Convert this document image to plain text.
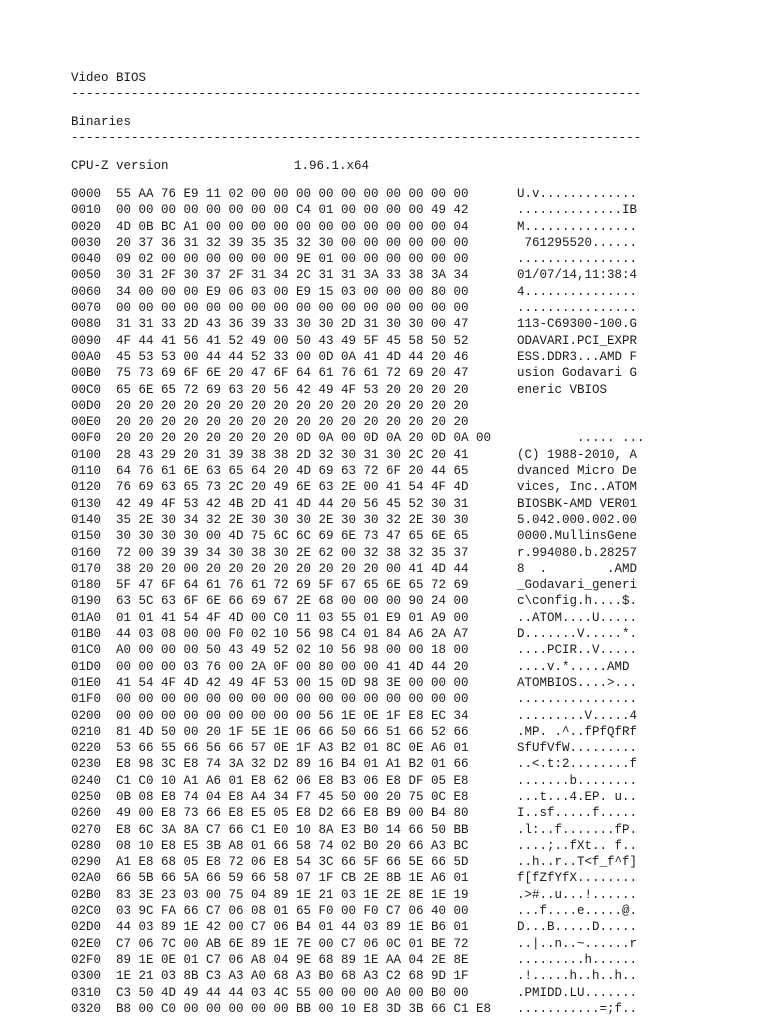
Video BIOS
----------------------------------------------------------------------------
Binaries
----------------------------------------------------------------------------
CPU-Z version	1.96.1.x64
0000	55 AA 76 E9 11 02 00 00 00 00 00 00 00 00 00 00	U.v.............
0010	00 00 00 00 00 00 00 00 C4 01 00 00 00 00 49 42	..............IB
0020	4D 0B BC A1 00 00 00 00 00 00 00 00 00 00 00 04	M...............
0030	20 37 36 31 32 39 35 35 32 30 00 00 00 00 00 00	761295520......
0040	09 02 00 00 00 00 00 00 9E 01 00 00 00 00 00 00	................
0050	30 31 2F 30 37 2F 31 34 2C 31 31 3A 33 38 3A 34	01/07/14,11:38:4
0060	34 00 00 00 E9 06 03 00 E9 15 03 00 00 00 80 00	4...............
0070	00 00 00 00 00 00 00 00 00 00 00 00 00 00 00 00	................
0080	31 31 33 2D 43 36 39 33 30 30 2D 31 30 30 00 47	113-C69300-100.G
0090	4F 44 41 56 41 52 49 00 50 43 49 5F 45 58 50 52	ODAVARI.PCI_EXPR
00A0	45 53 53 00 44 44 52 33 00 0D 0A 41 4D 44 20 46	ESS.DDR3...AMD F
00B0	75 73 69 6F 6E 20 47 6F 64 61 76 61 72 69 20 47	usion Godavari G
00C0	65 6E 65 72 69 63 20 56 42 49 4F 53 20 20 20 20	eneric VBIOS
00D0	20 20 20 20 20 20 20 20 20 20 20 20 20 20 20 20
00E0	20 20 20 20 20 20 20 20 20 20 20 20 20 20 20 20
00F0	20 20 20 20 20 20 20 20 0D 0A 00 0D 0A 20 0D 0A 00	..... ...
0100	28 43 29 20 31 39 38 38 2D 32 30 31 30 2C 20 41	(C) 1988-2010, A
0110	64 76 61 6E 63 65 64 20 4D 69 63 72 6F 20 44 65	dvanced Micro De
0120	76 69 63 65 73 2C 20 49 6E 63 2E 00 41 54 4F 4D	vices, Inc..ATOM
0130	42 49 4F 53 42 4B 2D 41 4D 44 20 56 45 52 30 31	BIOSBK-AMD VER01
0140	35 2E 30 34 32 2E 30 30 30 2E 30 30 32 2E 30 30	5.042.000.002.00
0150	30 30 30 30 00 4D 75 6C 6C 69 6E 73 47 65 6E 65	0000.MullinsGene
0160	72 00 39 39 34 30 38 30 2E 62 00 32 38 32 35 37	r.994080.b.28257
0170	38 20 20 00 20 20 20 20 20 20 20 20 00 41 4D 44	8  .        .AMD
0180	5F 47 6F 64 61 76 61 72 69 5F 67 65 6E 65 72 69	_Godavari_generi
0190	63 5C 63 6F 6E 66 69 67 2E 68 00 00 00 90 24 00	c\config.h....$.
01A0	01 01 41 54 4F 4D 00 C0 11 03 55 01 E9 01 A9 00	..ATOM....U.....
01B0	44 03 08 00 00 F0 02 10 56 98 C4 01 84 A6 2A A7	D.......V.....*.
01C0	A0 00 00 00 50 43 49 52 02 10 56 98 00 00 18 00	....PCIR..V.....
01D0	00 00 00 03 76 00 2A 0F 00 80 00 00 41 4D 44 20	....v.*.....AMD
01E0	41 54 4F 4D 42 49 4F 53 00 15 0D 98 3E 00 00 00	ATOMBIOS....>...
01F0	00 00 00 00 00 00 00 00 00 00 00 00 00 00 00 00	................
0200	00 00 00 00 00 00 00 00 00 56 1E 0E 1F E8 EC 34	.........V.....4
0210	81 4D 50 00 20 1F 5E 1E 06 66 50 66 51 66 52 66	.MP. .^..fPfQfRf
0220	53 66 55 66 56 66 57 0E 1F A3 B2 01 8C 0E A6 01	SfUfVfW.........
0230	E8 98 3C E8 74 3A 32 D2 89 16 B4 01 A1 B2 01 66	..<.t:2........f
0240	C1 C0 10 A1 A6 01 E8 62 06 E8 B3 06 E8 DF 05 E8	.......b........
0250	0B 08 E8 74 04 E8 A4 34 F7 45 50 00 20 75 0C E8	...t...4.EP. u..
0260	49 00 E8 73 66 E8 E5 05 E8 D2 66 E8 B9 00 B4 80	I..sf.....f.....
0270	E8 6C 3A 8A C7 66 C1 E0 10 8A E3 B0 14 66 50 BB	.l:..f.......fP.
0280	08 10 E8 E5 3B A8 01 66 58 74 02 B0 20 66 A3 BC	....;..fXt.. f..
0290	A1 E8 68 05 E8 72 06 E8 54 3C 66 5F 66 5E 66 5D	..h..r..T<f_f^f]
02A0	66 5B 66 5A 66 59 66 58 07 1F CB 2E 8B 1E A6 01	f[fZfYfX........
02B0	83 3E 23 03 00 75 04 89 1E 21 03 1E 2E 8E 1E 19	.>#..u...!......
02C0	03 9C FA 66 C7 06 08 01 65 F0 00 F0 C7 06 40 00	...f....e.....@.
02D0	44 03 89 1E 42 00 C7 06 B4 01 44 03 89 1E B6 01	D...B.....D.....
02E0	C7 06 7C 00 AB 6E 89 1E 7E 00 C7 06 0C 01 BE 72	..|..n..~......r
02F0	89 1E 0E 01 C7 06 A8 04 9E 68 89 1E AA 04 2E 8E	.........h......
0300	1E 21 03 8B C3 A3 A0 68 A3 B0 68 A3 C2 68 9D 1F	.!.....h..h..h..
0310	C3 50 4D 49 44 44 03 4C 55 00 00 00 A0 00 B0 00	.PMIDD.LU.......
0320	B8 00 C0 00 00 00 00 00 BB 00 10 E8 3D 3B 66 C1 E8	...........=;f..
